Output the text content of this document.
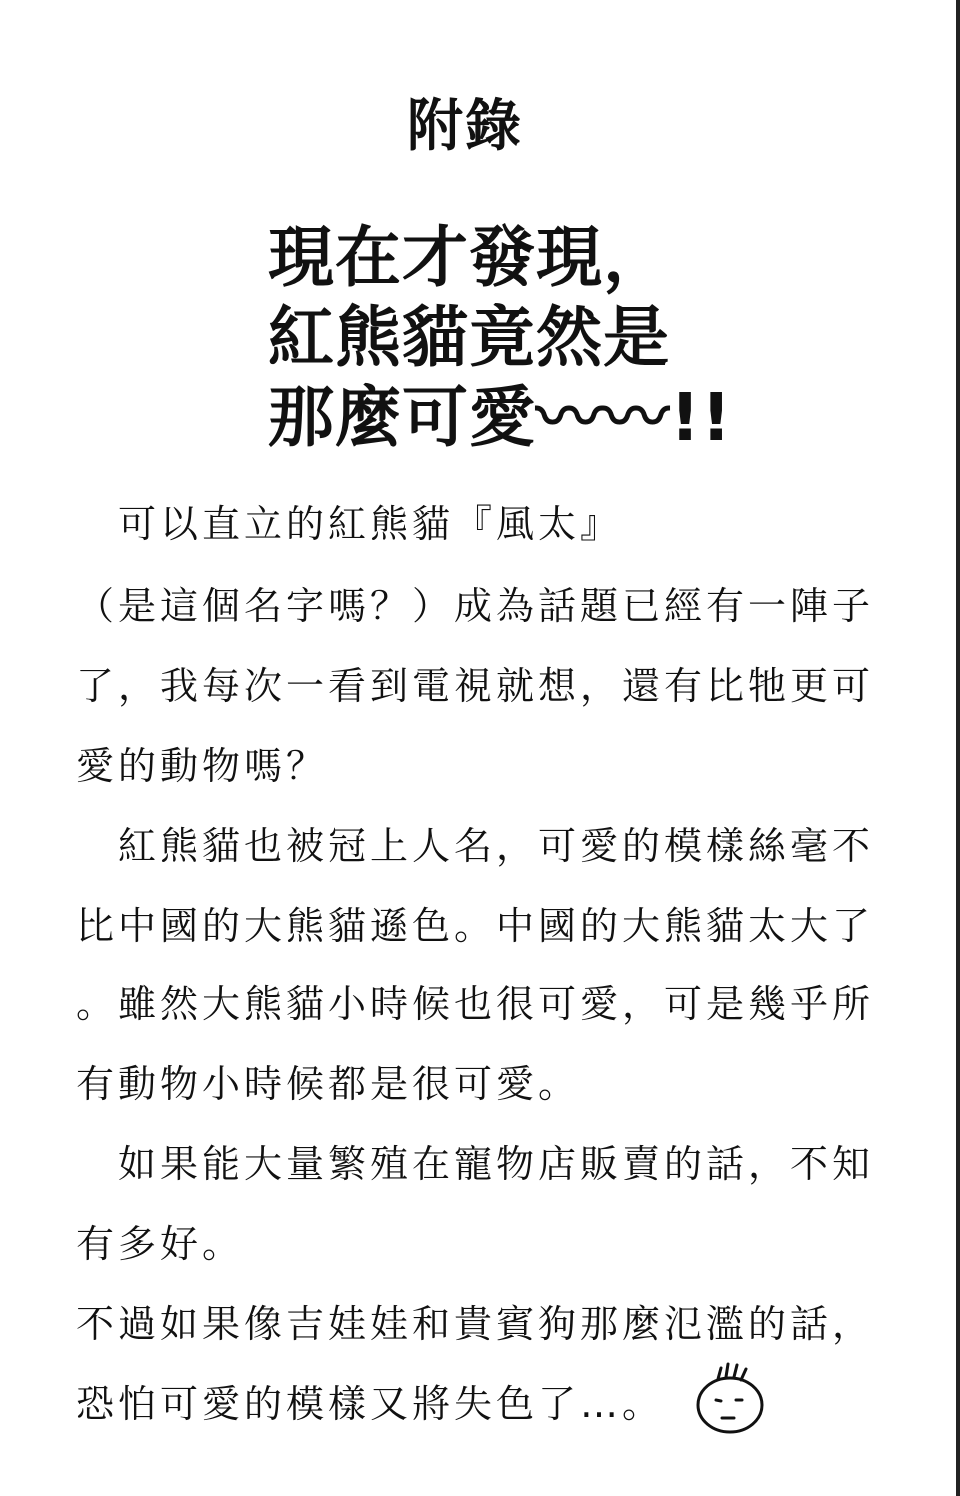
附錄
現在才發現，
紅熊貓竟然是
那麼可愛〰〰!!
可以直立的紅熊貓『風太』
（是這個名字嗎？）成為話題已經有一陣子
了，我每次一看到電視就想，還有比牠更可
愛的動物嗎？
紅熊貓也被冠上人名，可愛的模樣絲毫不
比中國的大熊貓遜色。中國的大熊貓太大了
。雖然大熊貓小時候也很可愛，可是幾乎所
有動物小時候都是很可愛。
如果能大量繁殖在寵物店販賣的話，不知
有多好。
不過如果像吉娃娃和貴賓狗那麼氾濫的話，
恐怕可愛的模樣又將失色了…。
